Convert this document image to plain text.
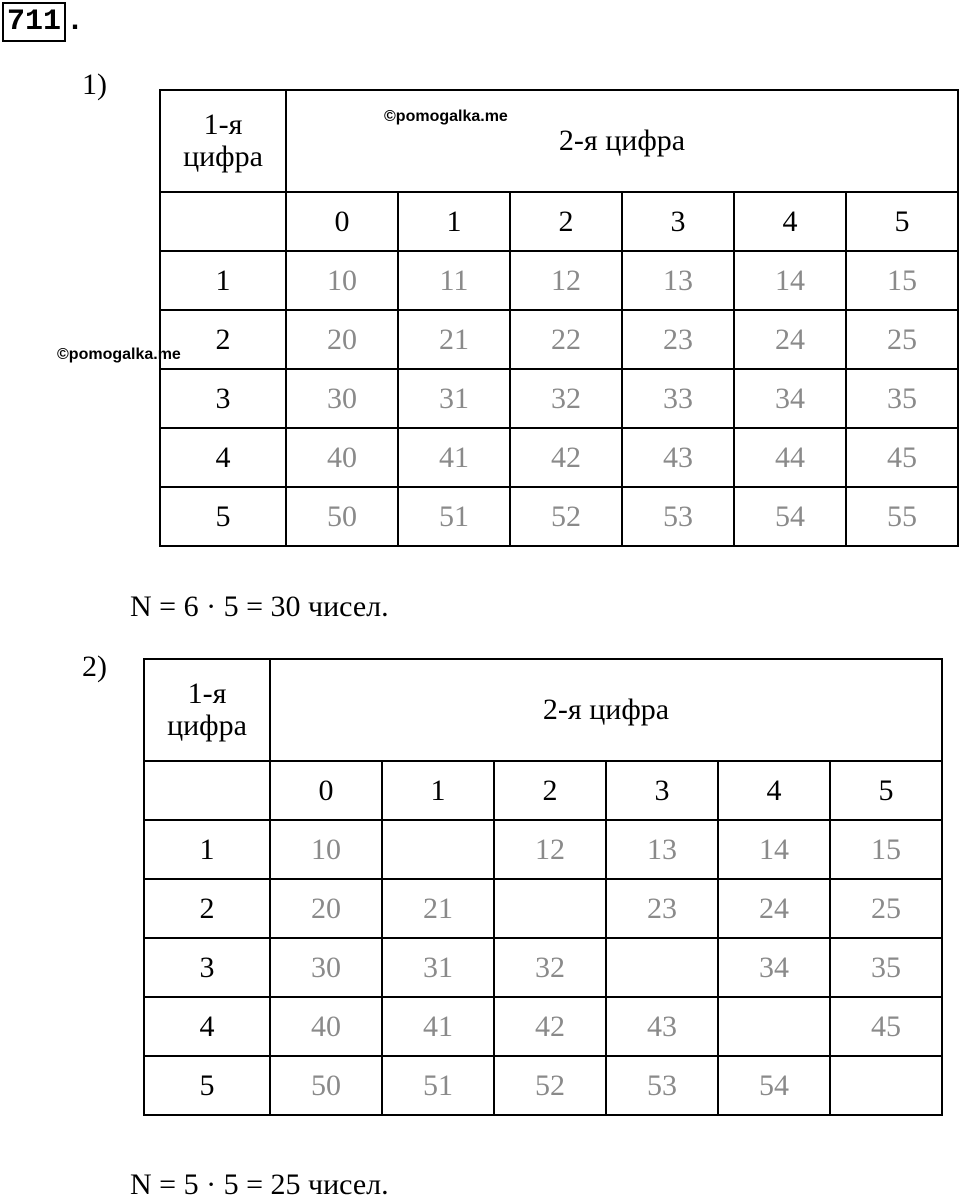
711 .
1)
1-я цифра	2-я цифра					
	0	1	2	3	4	5
1	10	11	12	13	14	15
2	20	21	22	23	24	25
3	30	31	32	33	34	35
4	40	41	42	43	44	45
5	50	51	52	53	54	55
©pomogalka.me
©pomogalka.me
N = 6 · 5 = 30 чисел.
2)
1-я цифра	2-я цифра					
	0	1	2	3	4	5
1	10		12	13	14	15
2	20	21		23	24	25
3	30	31	32		34	35
4	40	41	42	43		45
5	50	51	52	53	54	
N = 5 · 5 = 25 чисел.
